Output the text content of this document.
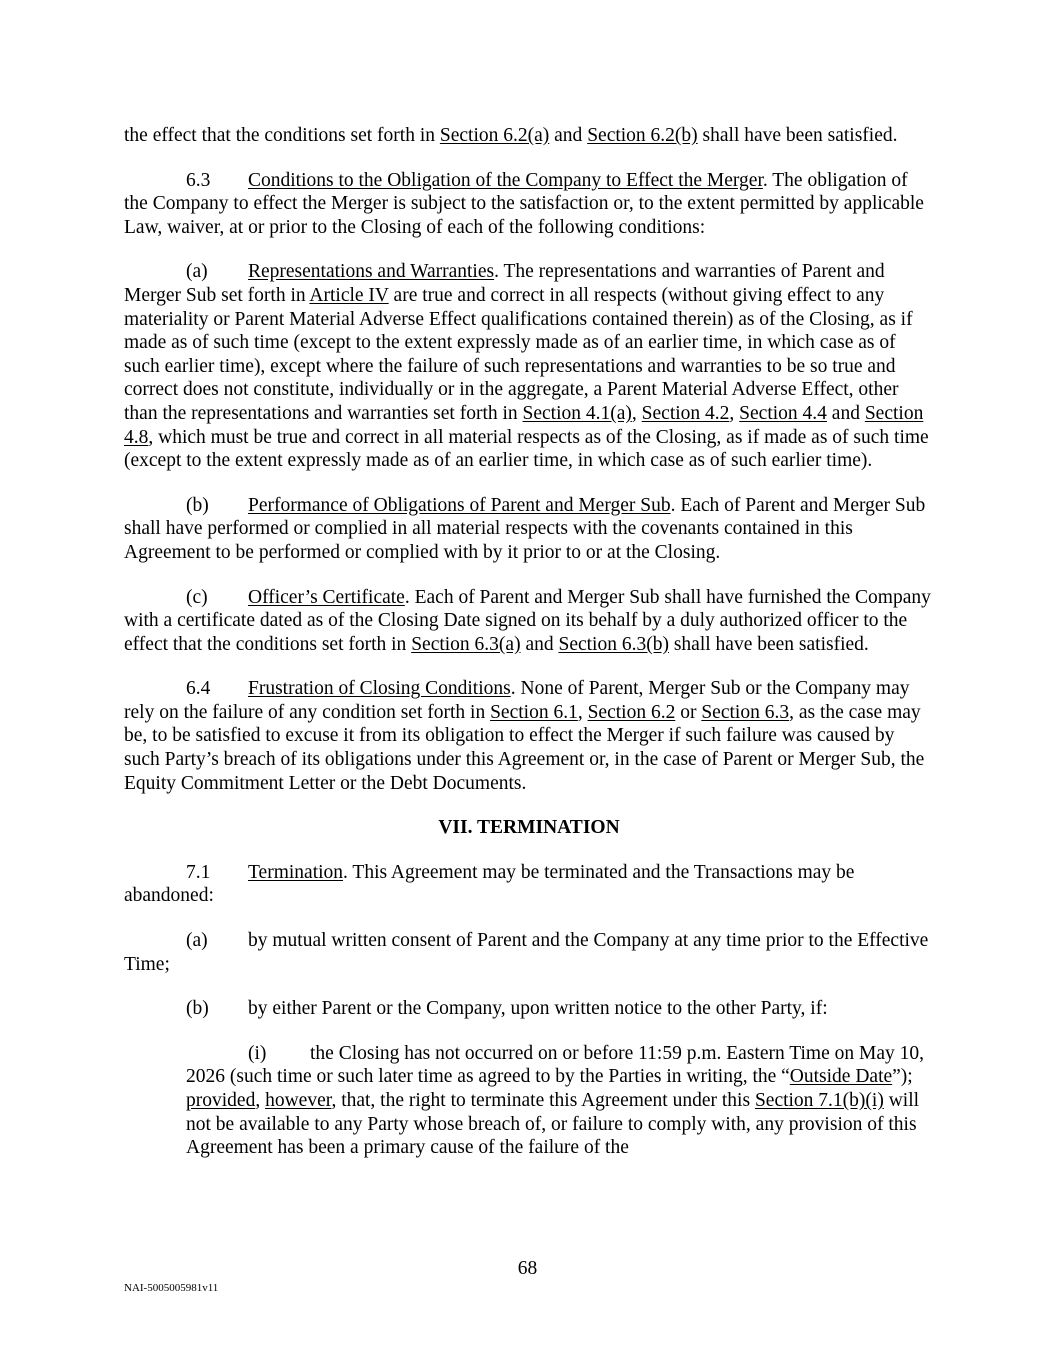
the effect that the conditions set forth in Section 6.2(a) and Section 6.2(b) shall have been satisfied.

6.3 Conditions to the Obligation of the Company to Effect the Merger. The obligation of the Company to effect the Merger is subject to the satisfaction or, to the extent permitted by applicable Law, waiver, at or prior to the Closing of each of the following conditions:

(a) Representations and Warranties. The representations and warranties of Parent and Merger Sub set forth in Article IV are true and correct in all respects (without giving effect to any materiality or Parent Material Adverse Effect qualifications contained therein) as of the Closing, as if made as of such time (except to the extent expressly made as of an earlier time, in which case as of such earlier time), except where the failure of such representations and warranties to be so true and correct does not constitute, individually or in the aggregate, a Parent Material Adverse Effect, other than the representations and warranties set forth in Section 4.1(a), Section 4.2, Section 4.4 and Section 4.8, which must be true and correct in all material respects as of the Closing, as if made as of such time (except to the extent expressly made as of an earlier time, in which case as of such earlier time).

(b) Performance of Obligations of Parent and Merger Sub. Each of Parent and Merger Sub shall have performed or complied in all material respects with the covenants contained in this Agreement to be performed or complied with by it prior to or at the Closing.

(c) Officer’s Certificate. Each of Parent and Merger Sub shall have furnished the Company with a certificate dated as of the Closing Date signed on its behalf by a duly authorized officer to the effect that the conditions set forth in Section 6.3(a) and Section 6.3(b) shall have been satisfied.

6.4 Frustration of Closing Conditions. None of Parent, Merger Sub or the Company may rely on the failure of any condition set forth in Section 6.1, Section 6.2 or Section 6.3, as the case may be, to be satisfied to excuse it from its obligation to effect the Merger if such failure was caused by such Party’s breach of its obligations under this Agreement or, in the case of Parent or Merger Sub, the Equity Commitment Letter or the Debt Documents.

VII. TERMINATION

7.1 Termination. This Agreement may be terminated and the Transactions may be abandoned:

(a) by mutual written consent of Parent and the Company at any time prior to the Effective Time;

(b) by either Parent or the Company, upon written notice to the other Party, if:

(i) the Closing has not occurred on or before 11:59 p.m. Eastern Time on May 10, 2026 (such time or such later time as agreed to by the Parties in writing, the “Outside Date”); provided, however, that, the right to terminate this Agreement under this Section 7.1(b)(i) will not be available to any Party whose breach of, or failure to comply with, any provision of this Agreement has been a primary cause of the failure of the

68
NAI-5005005981v11
